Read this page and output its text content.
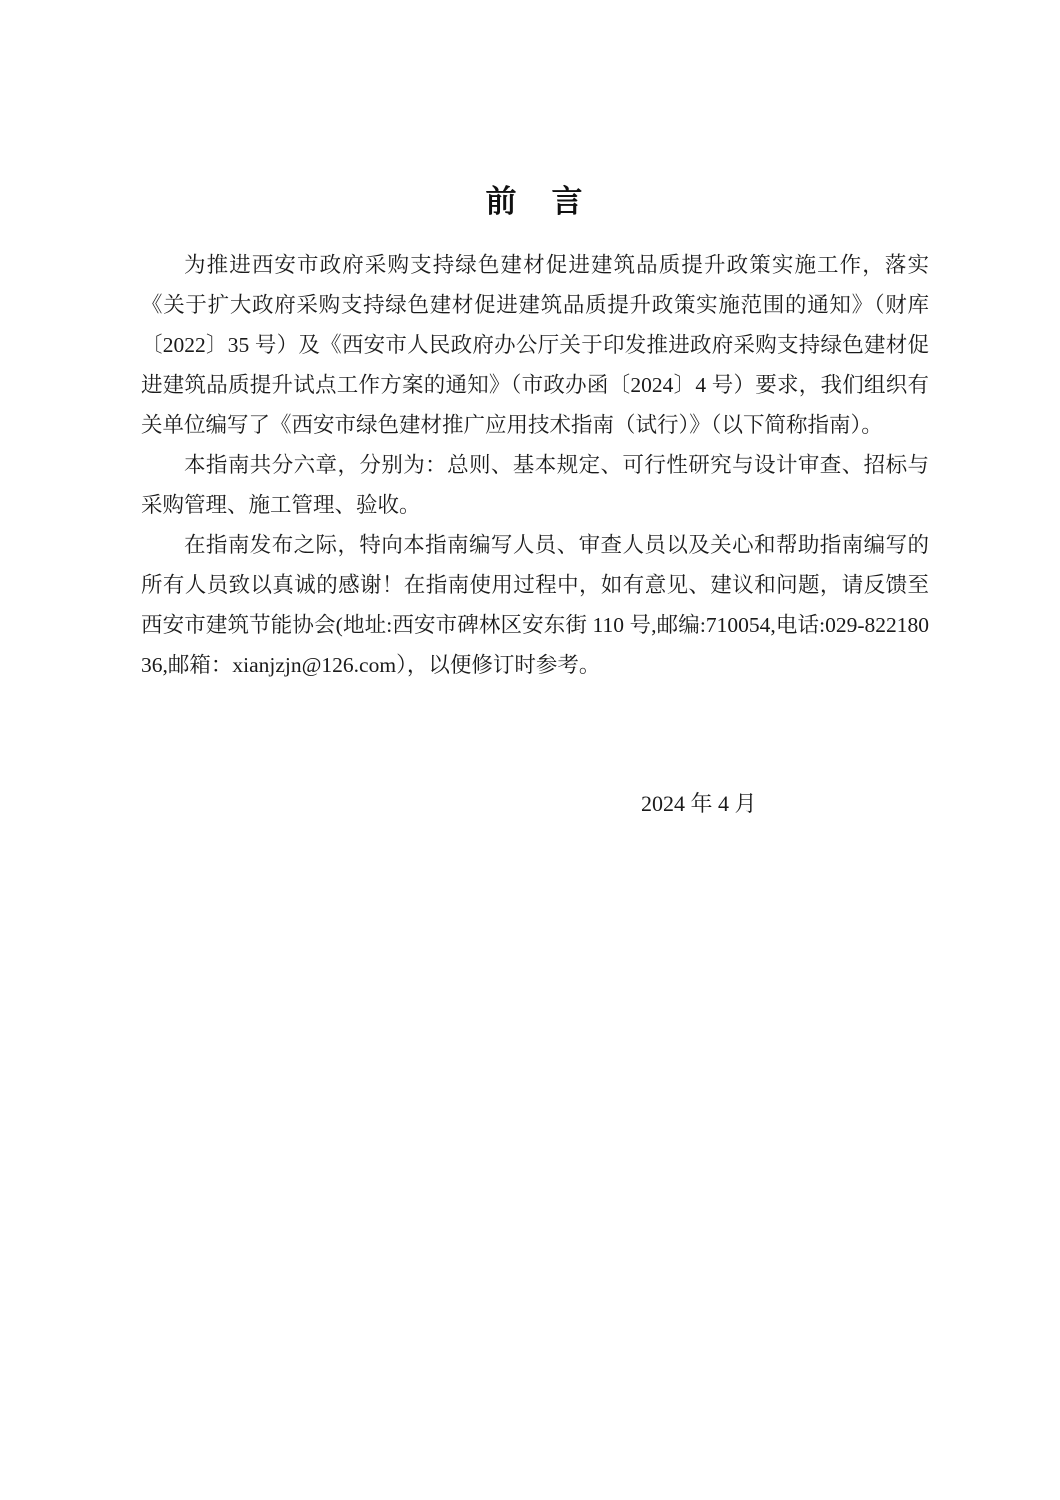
前　言

为推进西安市政府采购支持绿色建材促进建筑品质提升政策实施工作，落实《关于扩大政府采购支持绿色建材促进建筑品质提升政策实施范围的通知》（财库〔2022〕35 号）及《西安市人民政府办公厅关于印发推进政府采购支持绿色建材促进建筑品质提升试点工作方案的通知》（市政办函〔2024〕4 号）要求，我们组织有关单位编写了《西安市绿色建材推广应用技术指南（试行）》（以下简称指南）。

本指南共分六章，分别为：总则、基本规定、可行性研究与设计审查、招标与采购管理、施工管理、验收。

在指南发布之际，特向本指南编写人员、审查人员以及关心和帮助指南编写的所有人员致以真诚的感谢！在指南使用过程中，如有意见、建议和问题，请反馈至西安市建筑节能协会(地址:西安市碑林区安东街 110 号,邮编:710054,电话:029-82218036,邮箱：xianjzjn@126.com），以便修订时参考。

2024 年 4 月
